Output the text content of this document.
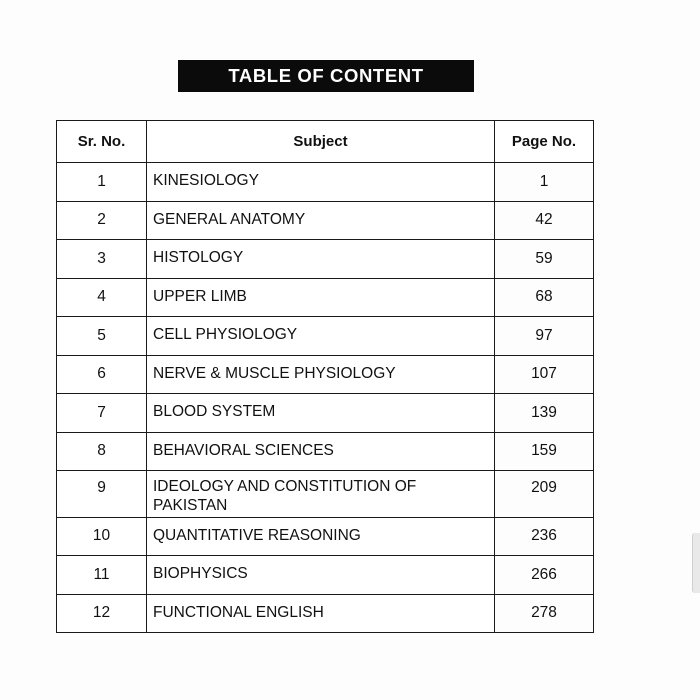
TABLE OF CONTENT
Sr. No.	Subject	Page No.
1	KINESIOLOGY	1
2	GENERAL ANATOMY	42
3	HISTOLOGY	59
4	UPPER LIMB	68
5	CELL PHYSIOLOGY	97
6	NERVE & MUSCLE PHYSIOLOGY	107
7	BLOOD SYSTEM	139
8	BEHAVIORAL SCIENCES	159
9	IDEOLOGY AND CONSTITUTION OF PAKISTAN	209
10	QUANTITATIVE REASONING	236
11	BIOPHYSICS	266
12	FUNCTIONAL ENGLISH	278
